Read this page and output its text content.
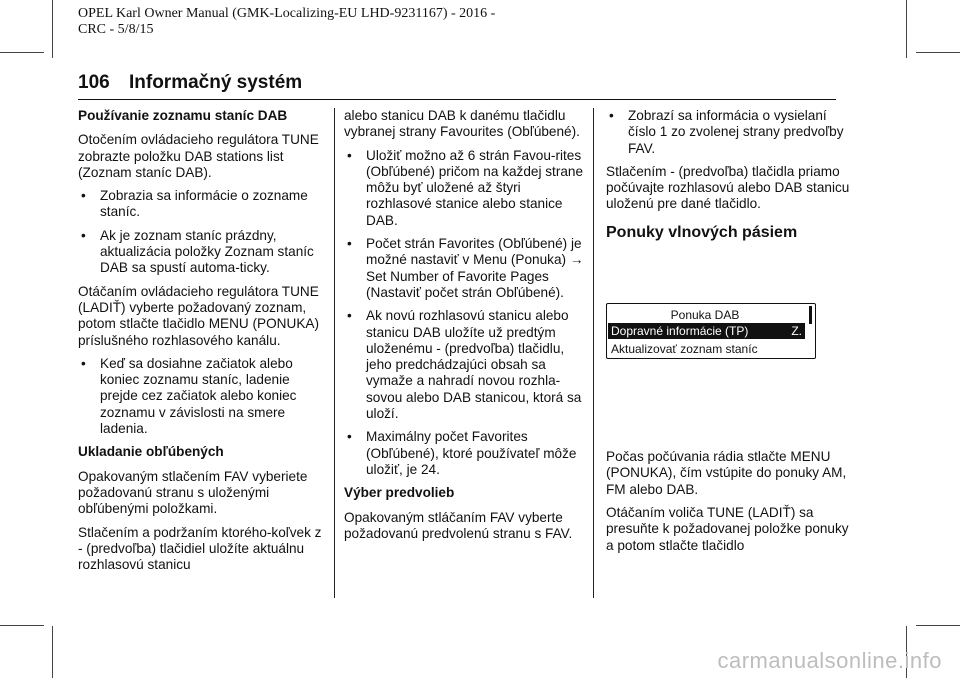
OPEL Karl Owner Manual (GMK-Localizing-EU LHD-9231167) - 2016 -
CRC - 5/8/15
106 Informačný systém
Používanie zoznamu staníc DAB

Otočením ovládacieho regulátora TUNE zobrazte položku DAB stations list (Zoznam staníc DAB).

• Zobrazia sa informácie o zozname staníc.
• Ak je zoznam staníc prázdny, aktualizácia položky Zoznam staníc DAB sa spustí automa-ticky.

Otáčaním ovládacieho regulátora TUNE (LADIŤ) vyberte požadovaný zoznam, potom stlačte tlačidlo MENU (PONUKA) príslušného rozhlasového kanálu.

• Keď sa dosiahne začiatok alebo koniec zoznamu staníc, ladenie prejde cez začiatok alebo koniec zoznamu v závislosti na smere ladenia.
Ukladanie obľúbených

Opakovaným stlačením FAV vyberiete požadovanú stranu s uloženými obľúbenými položkami.

Stlačením a podržaním ktorého-koľvek z - (predvoľba) tlačidiel uložíte aktuálnu rozhlasovú stanicu

alebo stanicu DAB k danému tlačidlu vybranej strany Favourites (Obľúbené).

• Uložiť možno až 6 strán Favou-rites (Obľúbené) pričom na každej strane môžu byť uložené až štyri rozhlasové stanice alebo stanice DAB.
• Počet strán Favorites (Obľúbené) je možné nastaviť v Menu (Ponuka) → Set Number of Favorite Pages (Nastaviť počet strán Obľúbené).
• Ak novú rozhlasovú stanicu alebo stanicu DAB uložíte už predtým uloženému - (predvoľba) tlačidlu, jeho predchádzajúci obsah sa vymaže a nahradí novou rozhla-sovou alebo DAB stanicou, ktorá sa uloží.
• Maximálny počet Favorites (Obľúbené), ktoré používateľ môže uložiť, je 24.
Výber predvolieb

Opakovaným stláčaním FAV vyberte požadovanú predvolenú stranu s FAV.

• Zobrazí sa informácia o vysielaní číslo 1 zo zvolenej strany predvoľby FAV.

Stlačením - (predvoľba) tlačidla priamo počúvajte rozhlasovú alebo DAB stanicu uloženú pre dané tlačidlo.

Ponuky vlnových pásiem
Ponuka DAB
Dopravné informácie (TP)	Z.
Aktualizovať zoznam staníc

Počas počúvania rádia stlačte MENU (PONUKA), čím vstúpite do ponuky AM, FM alebo DAB.

Otáčaním voliča TUNE (LADIŤ) sa presuňte k požadovanej položke ponuky a potom stlačte tlačidlo

carmanualsonline.info
